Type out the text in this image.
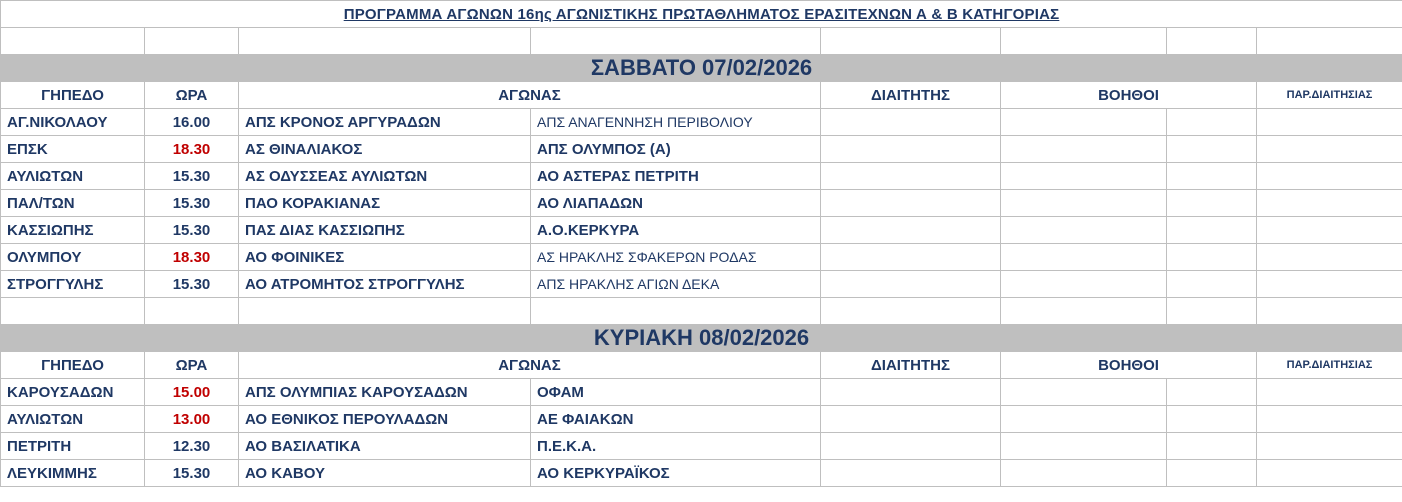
ΠΡΟΓΡΑΜΜΑ ΑΓΩΝΩΝ 16ης ΑΓΩΝΙΣΤΙΚΗΣ ΠΡΩΤΑΘΛΗΜΑΤΟΣ ΕΡΑΣΙΤΕΧΝΩΝ Α & Β ΚΑΤΗΓΟΡΙΑΣ							

ΣΑΒΒΑΤΟ 07/02/2026							

ΓΗΠΕΔΟ	ΩΡΑ	ΑΓΩΝΑΣ		ΔΙΑΙΤΗΤΗΣ	ΒΟΗΘΟΙ		ΠΑΡ.ΔΙΑΙΤΗΣΙΑΣ

ΑΓ.ΝΙΚΟΛΑΟΥ	16.00	ΑΠΣ ΚΡΟΝΟΣ ΑΡΓΥΡΑΔΩΝ	ΑΠΣ ΑΝΑΓΕΝΝΗΣΗ ΠΕΡΙΒΟΛΙΟΥ				

ΕΠΣΚ	18.30	ΑΣ ΘΙΝΑΛΙΑΚΟΣ	ΑΠΣ ΟΛΥΜΠΟΣ (Α)				

ΑΥΛΙΩΤΩΝ	15.30	ΑΣ ΟΔΥΣΣΕΑΣ ΑΥΛΙΩΤΩΝ	ΑΟ ΑΣΤΕΡΑΣ ΠΕΤΡΙΤΗ				

ΠΑΛ/ΤΩΝ	15.30	ΠΑΟ ΚΟΡΑΚΙΑΝΑΣ	ΑΟ ΛΙΑΠΑΔΩΝ				

ΚΑΣΣΙΩΠΗΣ	15.30	ΠΑΣ ΔΙΑΣ ΚΑΣΣΙΩΠΗΣ	Α.Ο.ΚΕΡΚΥΡΑ				

ΟΛΥΜΠΟΥ	18.30	ΑΟ ΦΟΙΝΙΚΕΣ	ΑΣ ΗΡΑΚΛΗΣ ΣΦΑΚΕΡΩΝ ΡΟΔΑΣ				

ΣΤΡΟΓΓΥΛΗΣ	15.30	ΑΟ ΑΤΡΟΜΗΤΟΣ ΣΤΡΟΓΓΥΛΗΣ	ΑΠΣ ΗΡΑΚΛΗΣ ΑΓΙΩΝ ΔΕΚΑ				

ΚΥΡΙΑΚΗ 08/02/2026							

ΓΗΠΕΔΟ	ΩΡΑ	ΑΓΩΝΑΣ		ΔΙΑΙΤΗΤΗΣ	ΒΟΗΘΟΙ		ΠΑΡ.ΔΙΑΙΤΗΣΙΑΣ

ΚΑΡΟΥΣΑΔΩΝ	15.00	ΑΠΣ ΟΛΥΜΠΙΑΣ ΚΑΡΟΥΣΑΔΩΝ	ΟΦΑΜ				

ΑΥΛΙΩΤΩΝ	13.00	ΑΟ ΕΘΝΙΚΟΣ ΠΕΡΟΥΛΑΔΩΝ	ΑΕ ΦΑΙΑΚΩΝ				

ΠΕΤΡΙΤΗ	12.30	ΑΟ ΒΑΣΙΛΑΤΙΚΑ	Π.Ε.Κ.Α.				

ΛΕΥΚΙΜΜΗΣ	15.30	ΑΟ ΚΑΒΟΥ	ΑΟ ΚΕΡΚΥΡΑΪΚΟΣ				
